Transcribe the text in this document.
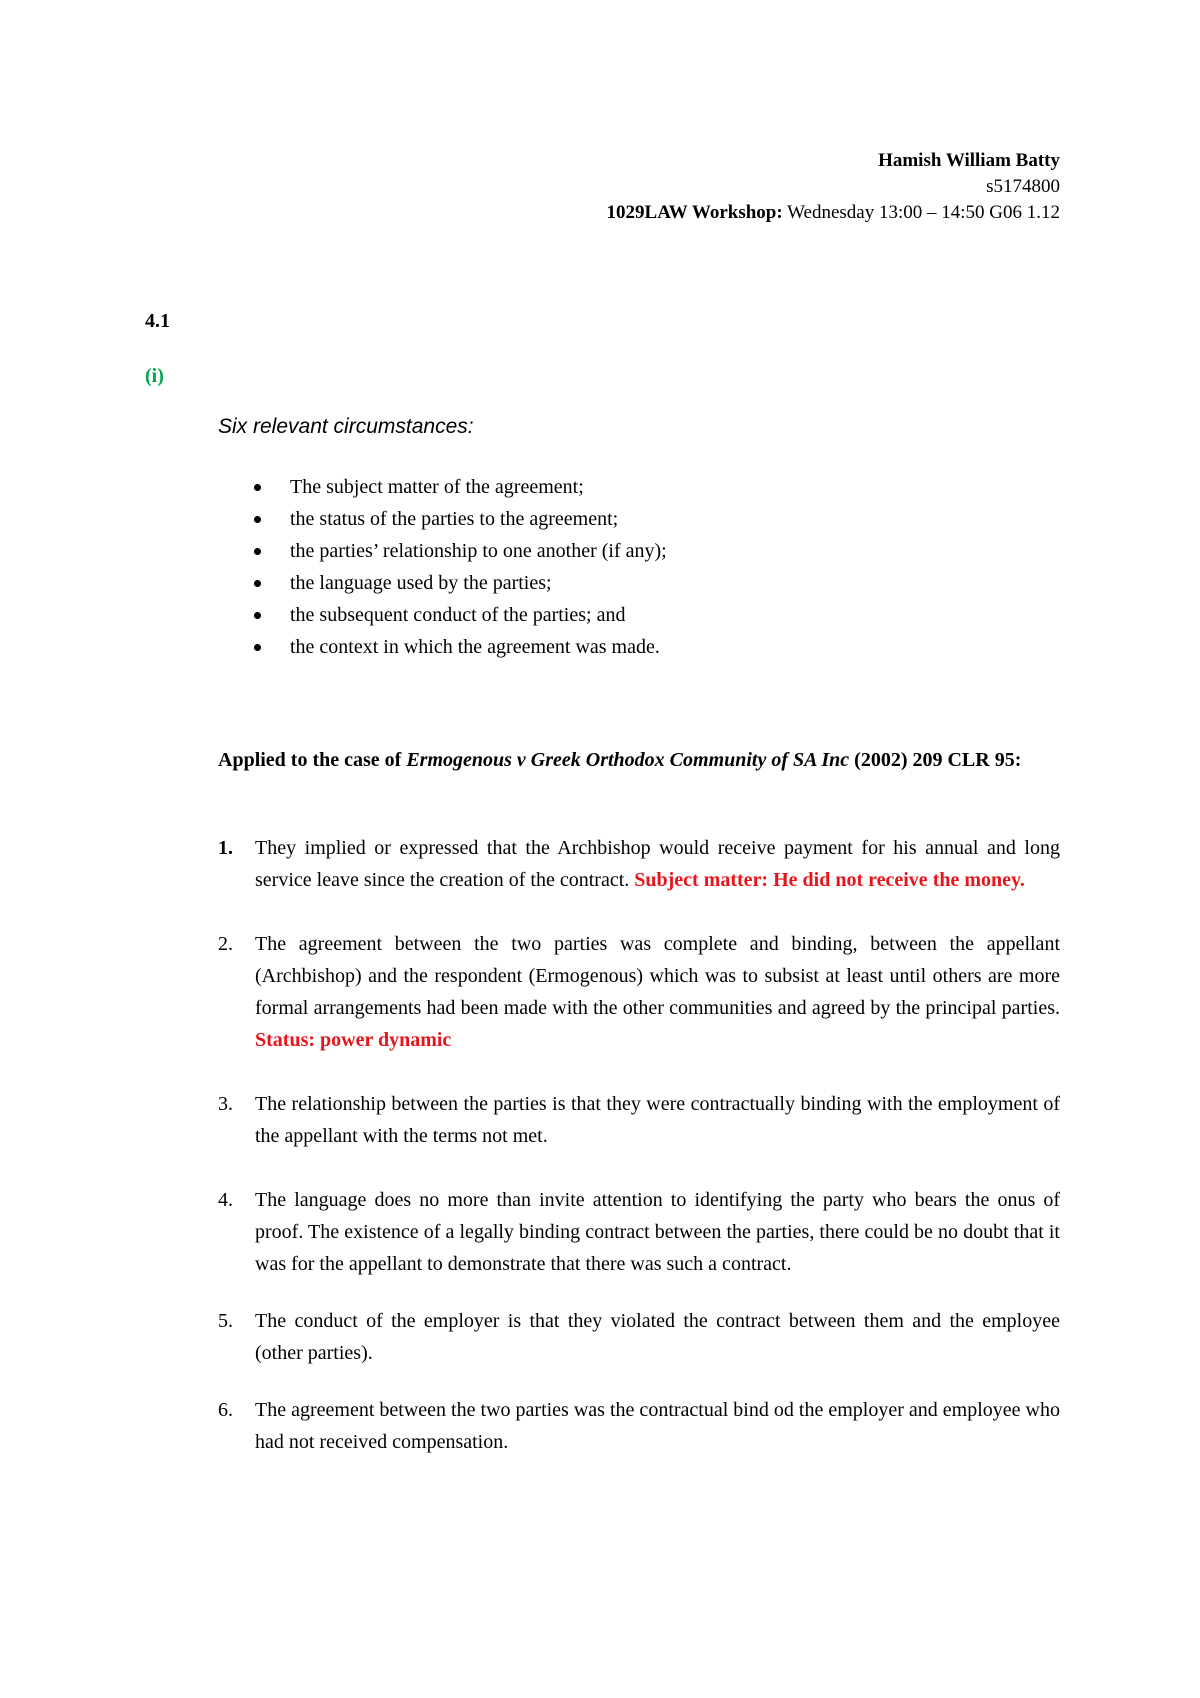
Hamish William Batty
s5174800
1029LAW Workshop: Wednesday 13:00 – 14:50 G06 1.12
4.1
(i)
Six relevant circumstances:
The subject matter of the agreement;
the status of the parties to the agreement;
the parties’ relationship to one another (if any);
the language used by the parties;
the subsequent conduct of the parties; and
the context in which the agreement was made.
Applied to the case of Ermogenous v Greek Orthodox Community of SA Inc (2002) 209 CLR 95:
1. They implied or expressed that the Archbishop would receive payment for his annual and long service leave since the creation of the contract. Subject matter: He did not receive the money.
2. The agreement between the two parties was complete and binding, between the appellant (Archbishop) and the respondent (Ermogenous) which was to subsist at least until others are more formal arrangements had been made with the other communities and agreed by the principal parties. Status: power dynamic
3. The relationship between the parties is that they were contractually binding with the employment of the appellant with the terms not met.
4. The language does no more than invite attention to identifying the party who bears the onus of proof. The existence of a legally binding contract between the parties, there could be no doubt that it was for the appellant to demonstrate that there was such a contract.
5. The conduct of the employer is that they violated the contract between them and the employee (other parties).
6. The agreement between the two parties was the contractual bind od the employer and employee who had not received compensation.
